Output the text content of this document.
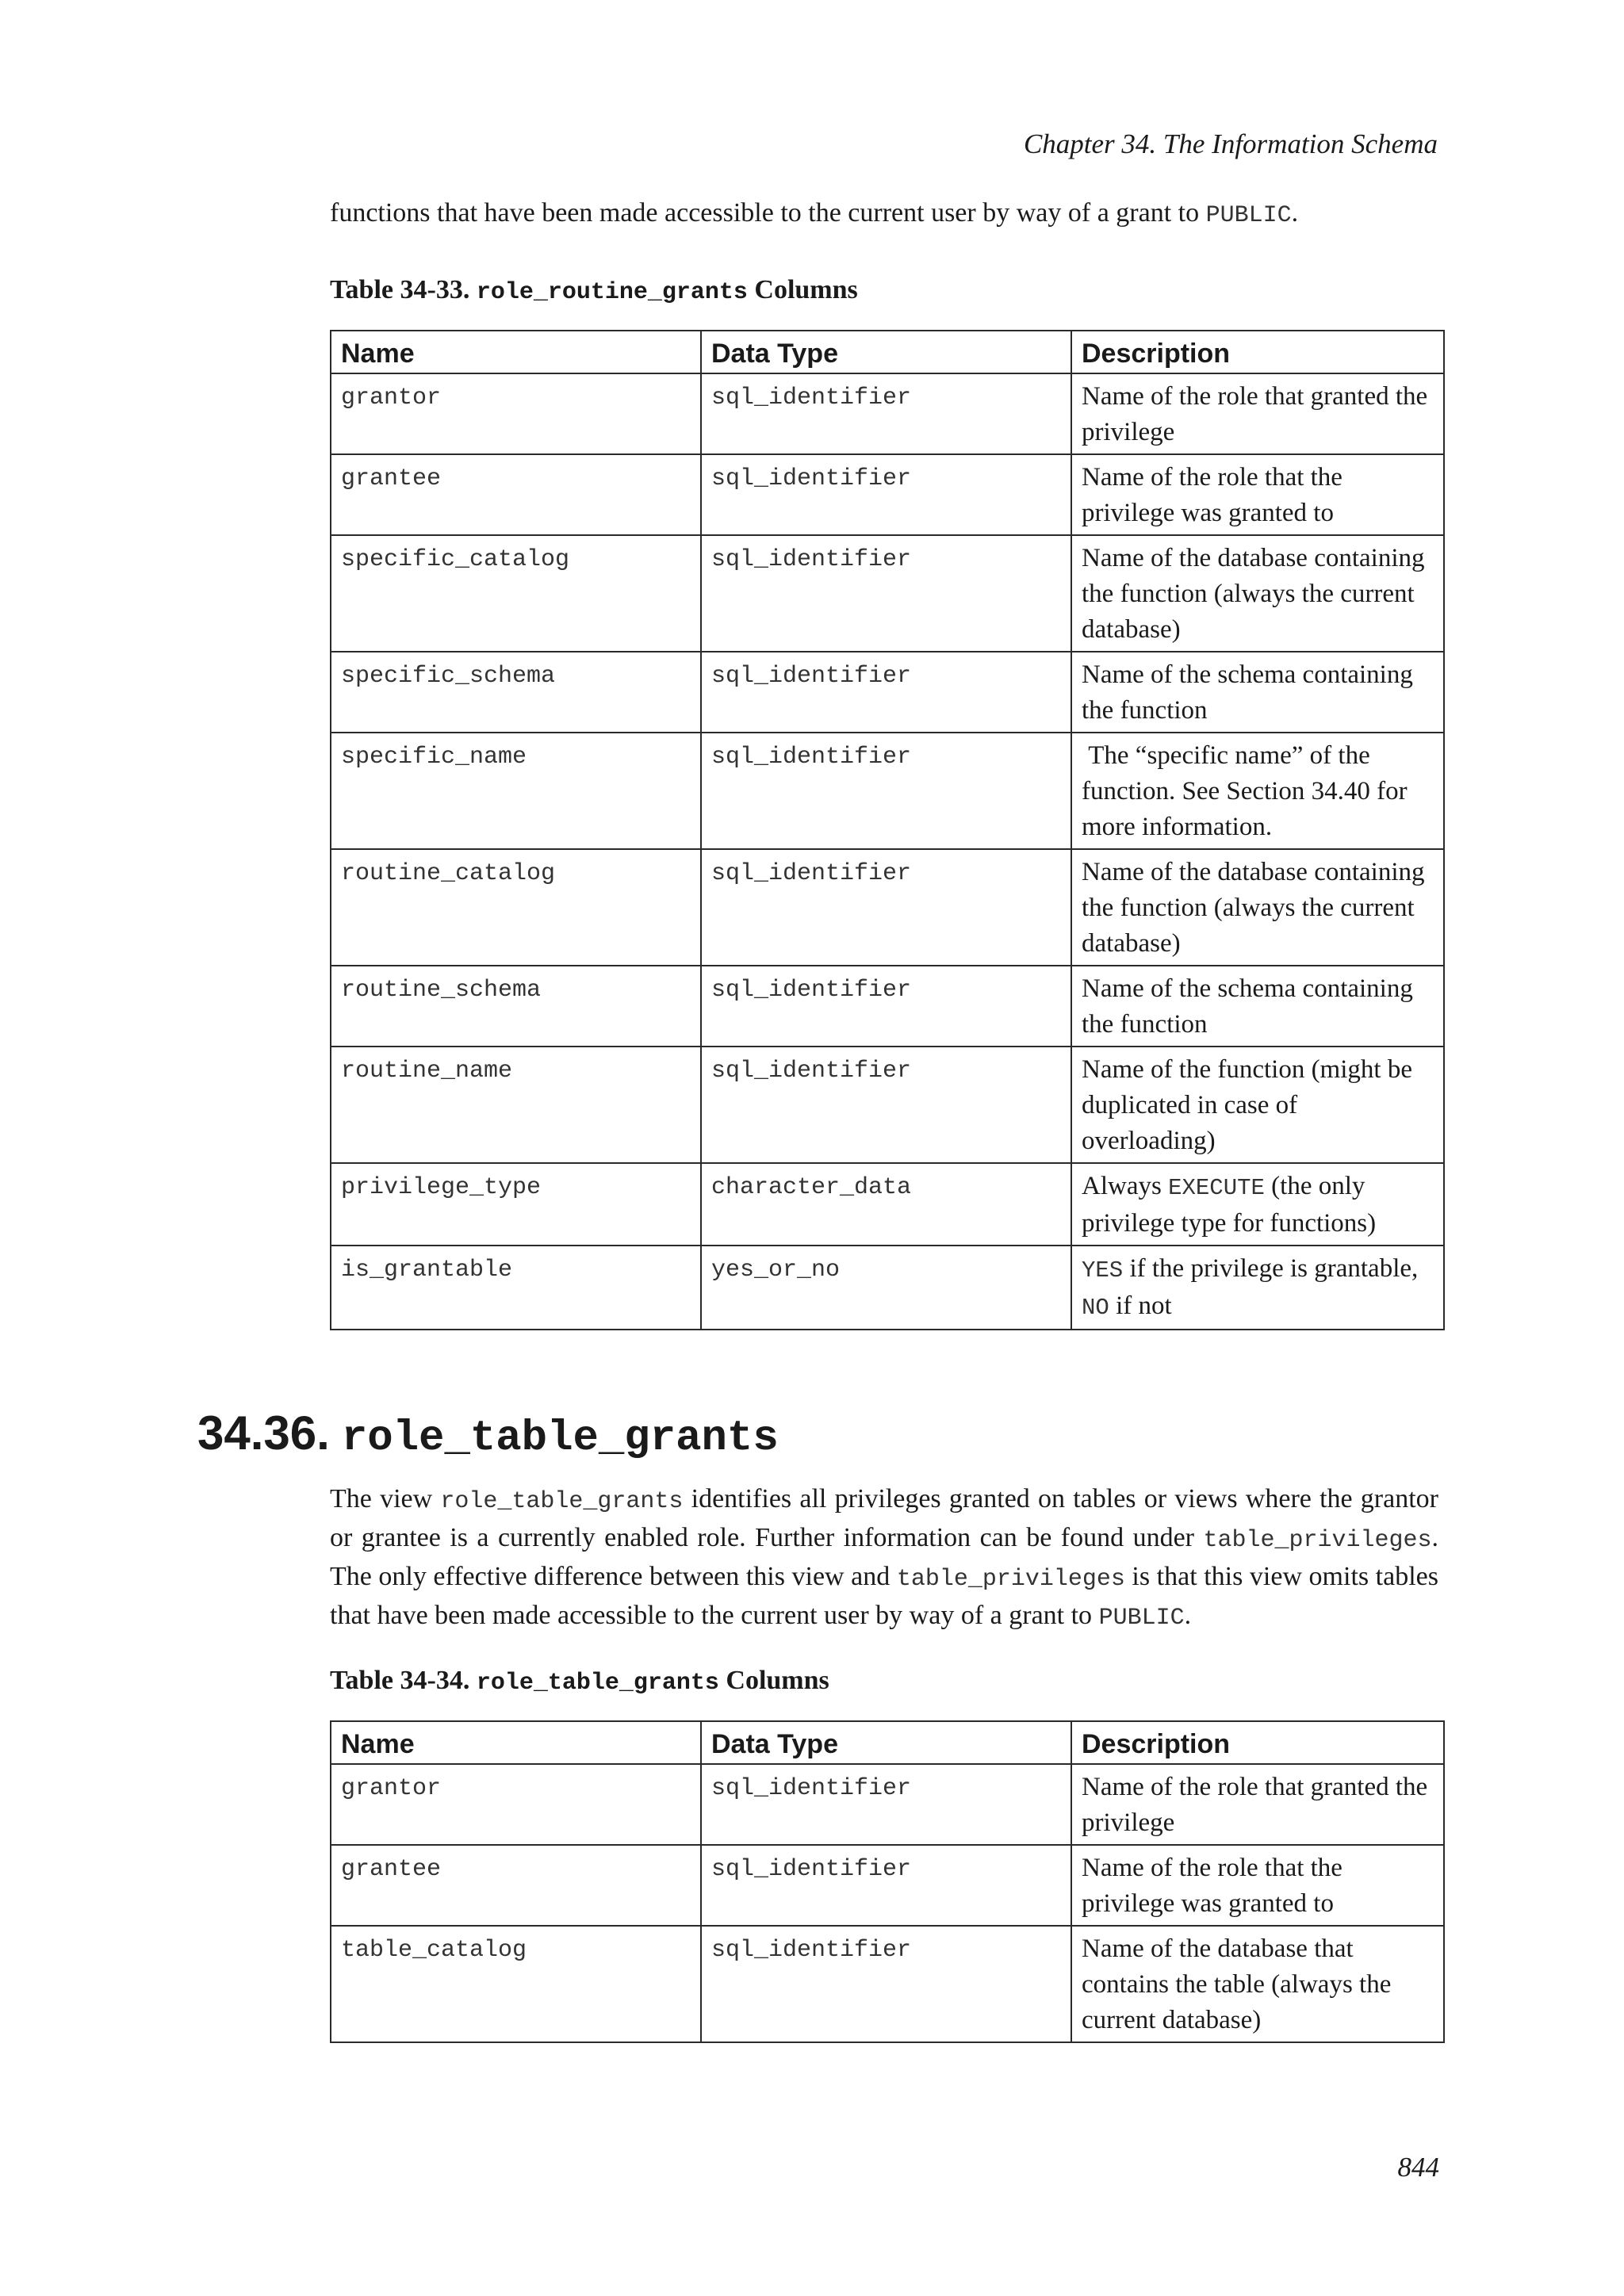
Chapter 34. The Information Schema
functions that have been made accessible to the current user by way of a grant to PUBLIC.
Table 34-33. role_routine_grants Columns
Name	Data Type	Description
grantor	sql_identifier	Name of the role that granted the privilege
grantee	sql_identifier	Name of the role that the privilege was granted to
specific_catalog	sql_identifier	Name of the database containing the function (always the current database)
specific_schema	sql_identifier	Name of the schema containing the function
specific_name	sql_identifier	The “specific name” of the function. See Section 34.40 for more information.
routine_catalog	sql_identifier	Name of the database containing the function (always the current database)
routine_schema	sql_identifier	Name of the schema containing the function
routine_name	sql_identifier	Name of the function (might be duplicated in case of overloading)
privilege_type	character_data	Always EXECUTE (the only privilege type for functions)
is_grantable	yes_or_no	YES if the privilege is grantable, NO if not
34.36. role_table_grants
The view role_table_grants identifies all privileges granted on tables or views where the grantor or grantee is a currently enabled role. Further information can be found under table_privileges. The only effective difference between this view and table_privileges is that this view omits tables that have been made accessible to the current user by way of a grant to PUBLIC.
Table 34-34. role_table_grants Columns
Name	Data Type	Description
grantor	sql_identifier	Name of the role that granted the privilege
grantee	sql_identifier	Name of the role that the privilege was granted to
table_catalog	sql_identifier	Name of the database that contains the table (always the current database)
844
